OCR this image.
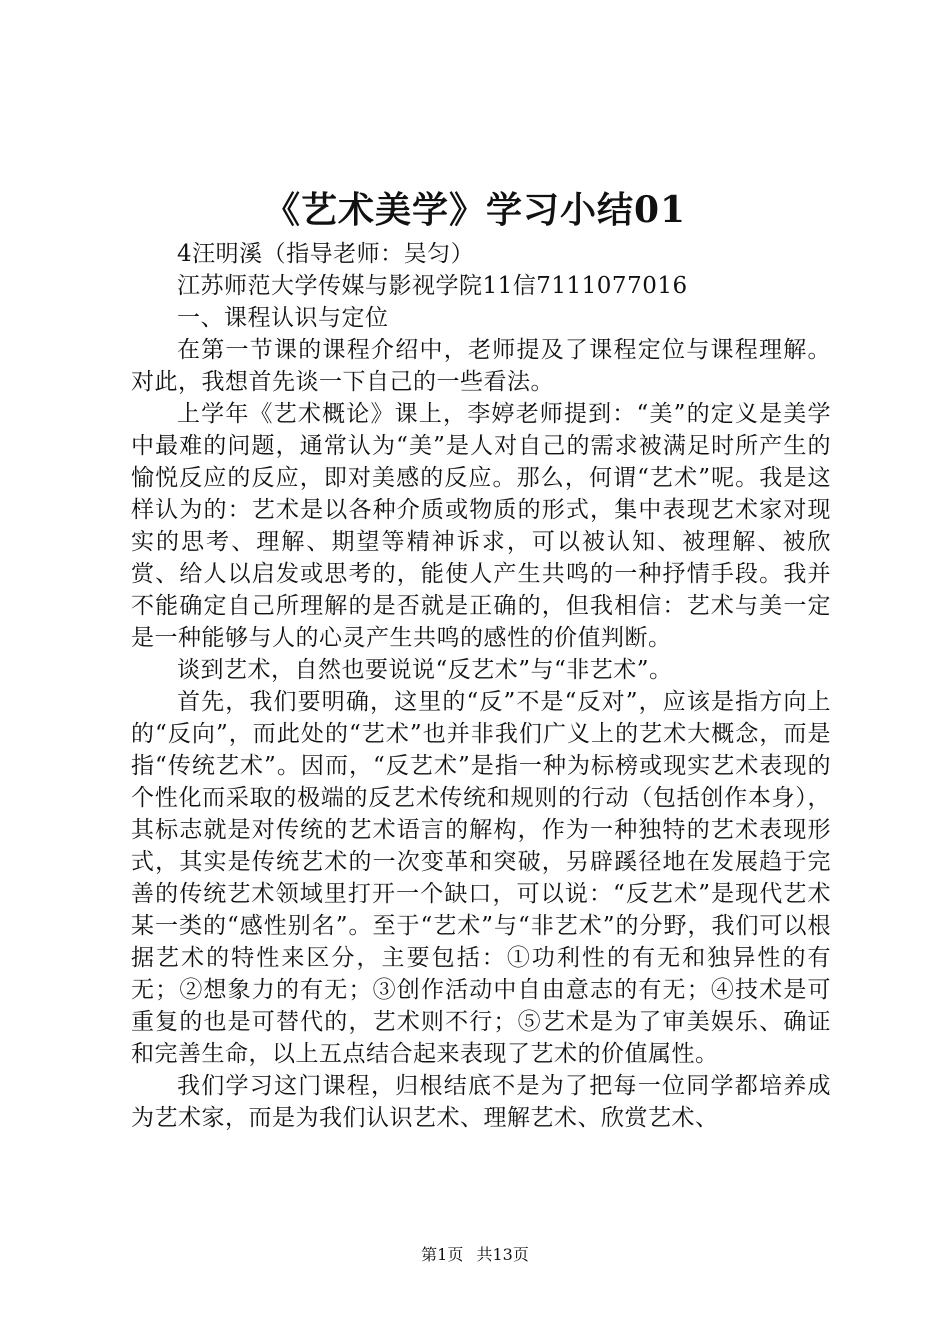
《艺术美学》学习小结01

4汪明溪（指导老师：吴匀）

江苏师范大学传媒与影视学院11信7111077016

一、课程认识与定位

在第一节课的课程介绍中，老师提及了课程定位与课程理解。对此，我想首先谈一下自己的一些看法。

上学年《艺术概论》课上，李婷老师提到：“美”的定义是美学中最难的问题，通常认为“美”是人对自己的需求被满足时所产生的愉悦反应的反应，即对美感的反应。那么，何谓“艺术”呢。我是这样认为的：艺术是以各种介质或物质的形式，集中表现艺术家对现实的思考、理解、期望等精神诉求，可以被认知、被理解、被欣赏、给人以启发或思考的，能使人产生共鸣的一种抒情手段。我并不能确定自己所理解的是否就是正确的，但我相信：艺术与美一定是一种能够与人的心灵产生共鸣的感性的价值判断。

谈到艺术，自然也要说说“反艺术”与“非艺术”。

首先，我们要明确，这里的“反”不是“反对”，应该是指方向上的“反向”，而此处的“艺术”也并非我们广义上的艺术大概念，而是指“传统艺术”。因而，“反艺术”是指一种为标榜或现实艺术表现的个性化而采取的极端的反艺术传统和规则的行动（包括创作本身），其标志就是对传统的艺术语言的解构，作为一种独特的艺术表现形式，其实是传统艺术的一次变革和突破，另辟蹊径地在发展趋于完善的传统艺术领域里打开一个缺口，可以说：“反艺术”是现代艺术某一类的“感性别名”。至于“艺术”与“非艺术”的分野，我们可以根据艺术的特性来区分，主要包括：①功利性的有无和独异性的有无；②想象力的有无；③创作活动中自由意志的有无；④技术是可重复的也是可替代的，艺术则不行；⑤艺术是为了审美娱乐、确证和完善生命，以上五点结合起来表现了艺术的价值属性。

我们学习这门课程，归根结底不是为了把每一位同学都培养成为艺术家，而是为我们认识艺术、理解艺术、欣赏艺术、

第1页 共13页
